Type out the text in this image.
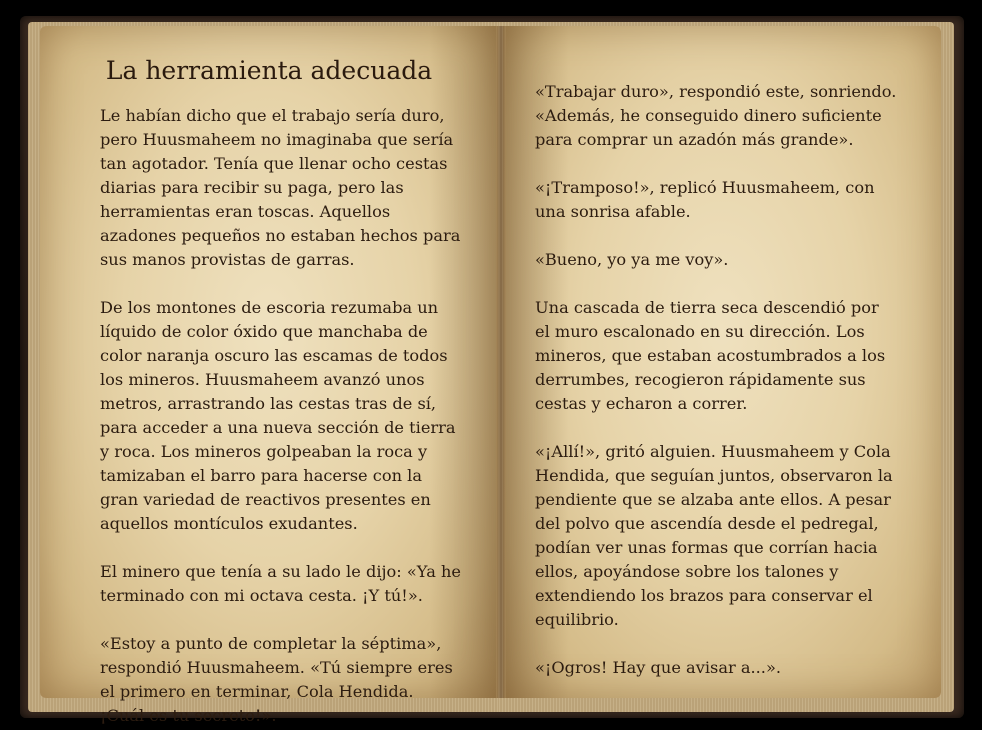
La herramienta adecuada

Le habían dicho que el trabajo sería duro, pero Huusmaheem no imaginaba que sería tan agotador. Tenía que llenar ocho cestas diarias para recibir su paga, pero las herramientas eran toscas. Aquellos azadones pequeños no estaban hechos para sus manos provistas de garras.

De los montones de escoria rezumaba un líquido de color óxido que manchaba de color naranja oscuro las escamas de todos los mineros. Huusmaheem avanzó unos metros, arrastrando las cestas tras de sí, para acceder a una nueva sección de tierra y roca. Los mineros golpeaban la roca y tamizaban el barro para hacerse con la gran variedad de reactivos presentes en aquellos montículos exudantes.

El minero que tenía a su lado le dijo: «Ya he terminado con mi octava cesta. ¡Y tú!».

«Estoy a punto de completar la séptima», respondió Huusmaheem. «Tú siempre eres el primero en terminar, Cola Hendida. ¡Cuál es tu secreto!».

«Trabajar duro», respondió este, sonriendo. «Además, he conseguido dinero suficiente para comprar un azadón más grande».

«¡Tramposo!», replicó Huusmaheem, con una sonrisa afable.

«Bueno, yo ya me voy».

Una cascada de tierra seca descendió por el muro escalonado en su dirección. Los mineros, que estaban acostumbrados a los derrumbes, recogieron rápidamente sus cestas y echaron a correr.

«¡Allí!», gritó alguien. Huusmaheem y Cola Hendida, que seguían juntos, observaron la pendiente que se alzaba ante ellos. A pesar del polvo que ascendía desde el pedregal, podían ver unas formas que corrían hacia ellos, apoyándose sobre los talones y extendiendo los brazos para conservar el equilibrio.

«¡Ogros! Hay que avisar a...».
